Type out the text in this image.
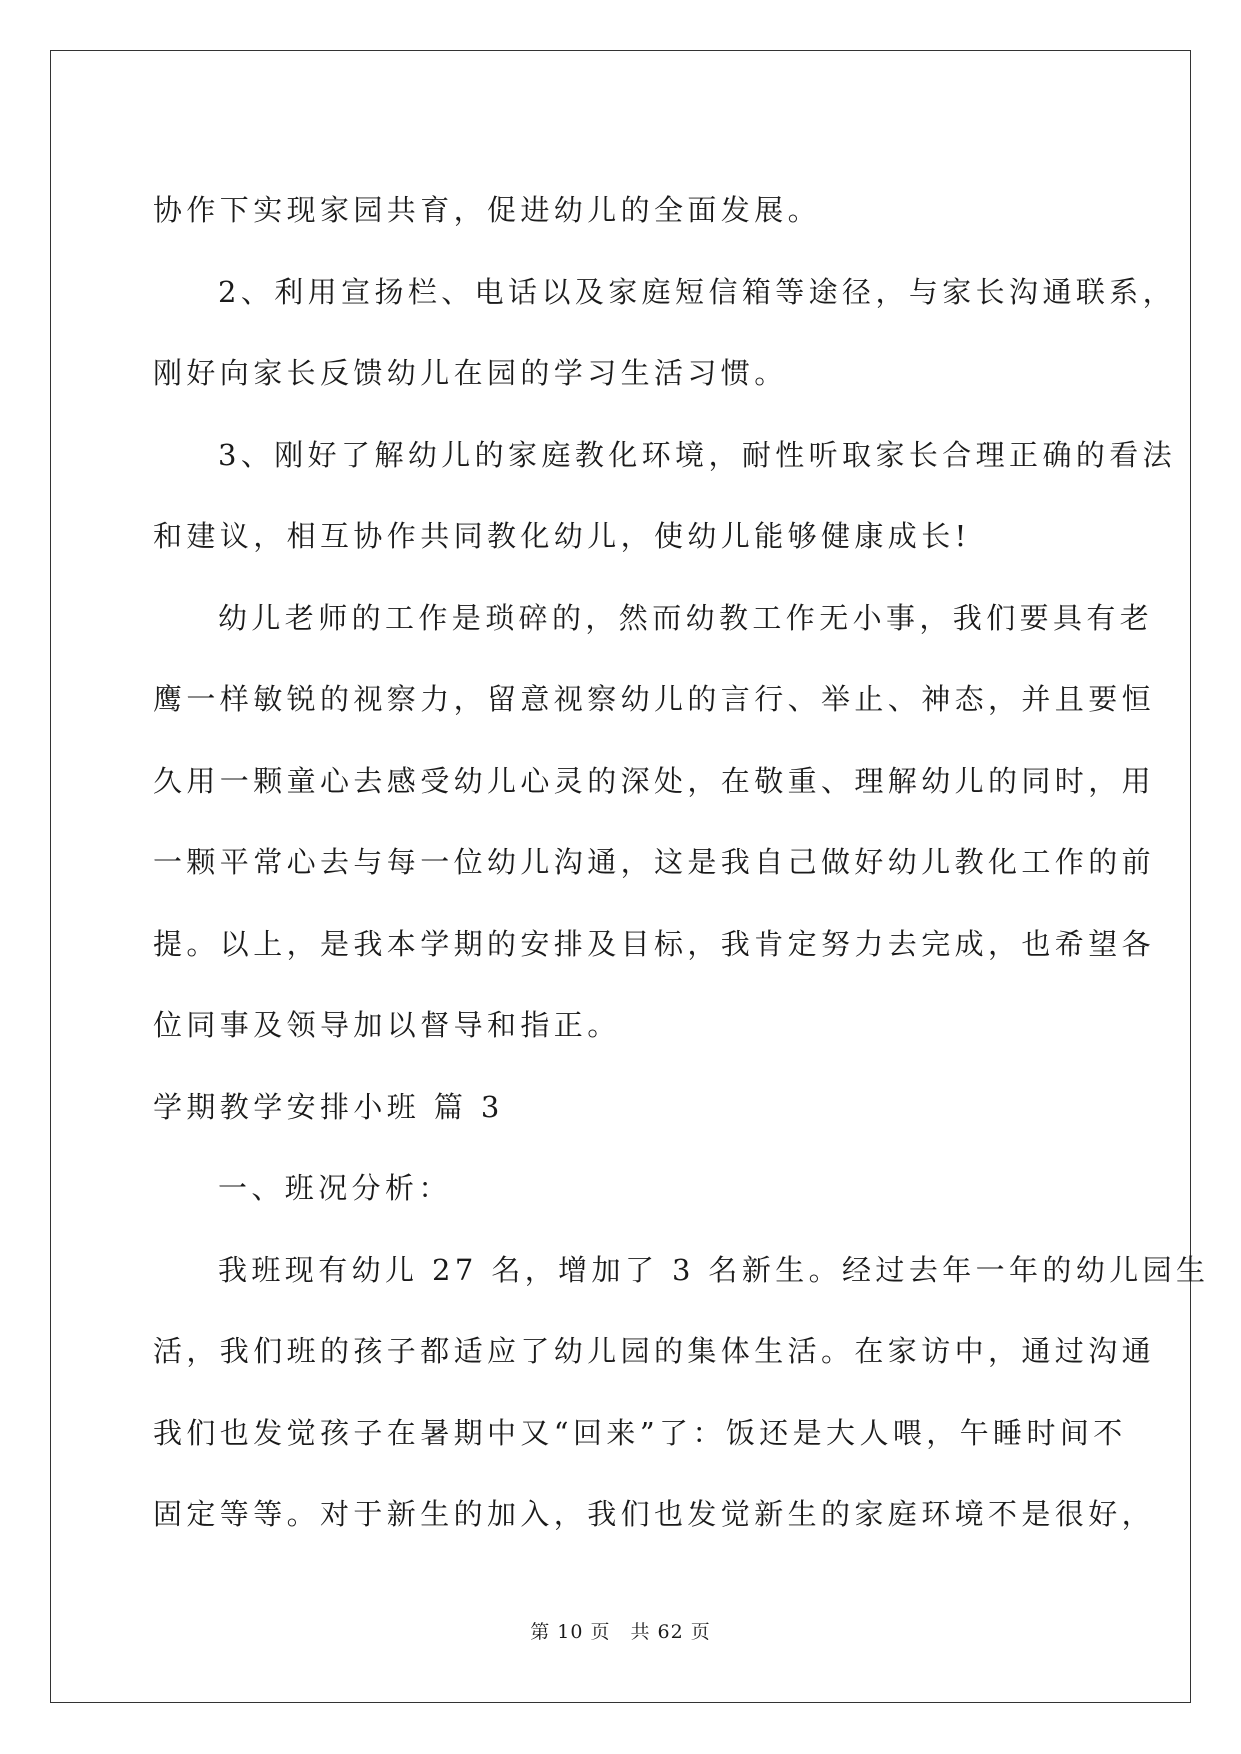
协作下实现家园共育，促进幼儿的全面发展。
2、利用宣扬栏、电话以及家庭短信箱等途径，与家长沟通联系，
刚好向家长反馈幼儿在园的学习生活习惯。
3、刚好了解幼儿的家庭教化环境，耐性听取家长合理正确的看法
和建议，相互协作共同教化幼儿，使幼儿能够健康成长!
幼儿老师的工作是琐碎的，然而幼教工作无小事，我们要具有老
鹰一样敏锐的视察力，留意视察幼儿的言行、举止、神态，并且要恒
久用一颗童心去感受幼儿心灵的深处，在敬重、理解幼儿的同时，用
一颗平常心去与每一位幼儿沟通，这是我自己做好幼儿教化工作的前
提。以上，是我本学期的安排及目标，我肯定努力去完成，也希望各
位同事及领导加以督导和指正。
学期教学安排小班 篇 3
一、班况分析：
我班现有幼儿 27 名，增加了 3 名新生。经过去年一年的幼儿园生
活，我们班的孩子都适应了幼儿园的集体生活。在家访中，通过沟通
我们也发觉孩子在暑期中又“回来”了：饭还是大人喂，午睡时间不
固定等等。对于新生的加入，我们也发觉新生的家庭环境不是很好，
第 10 页　共 62 页
